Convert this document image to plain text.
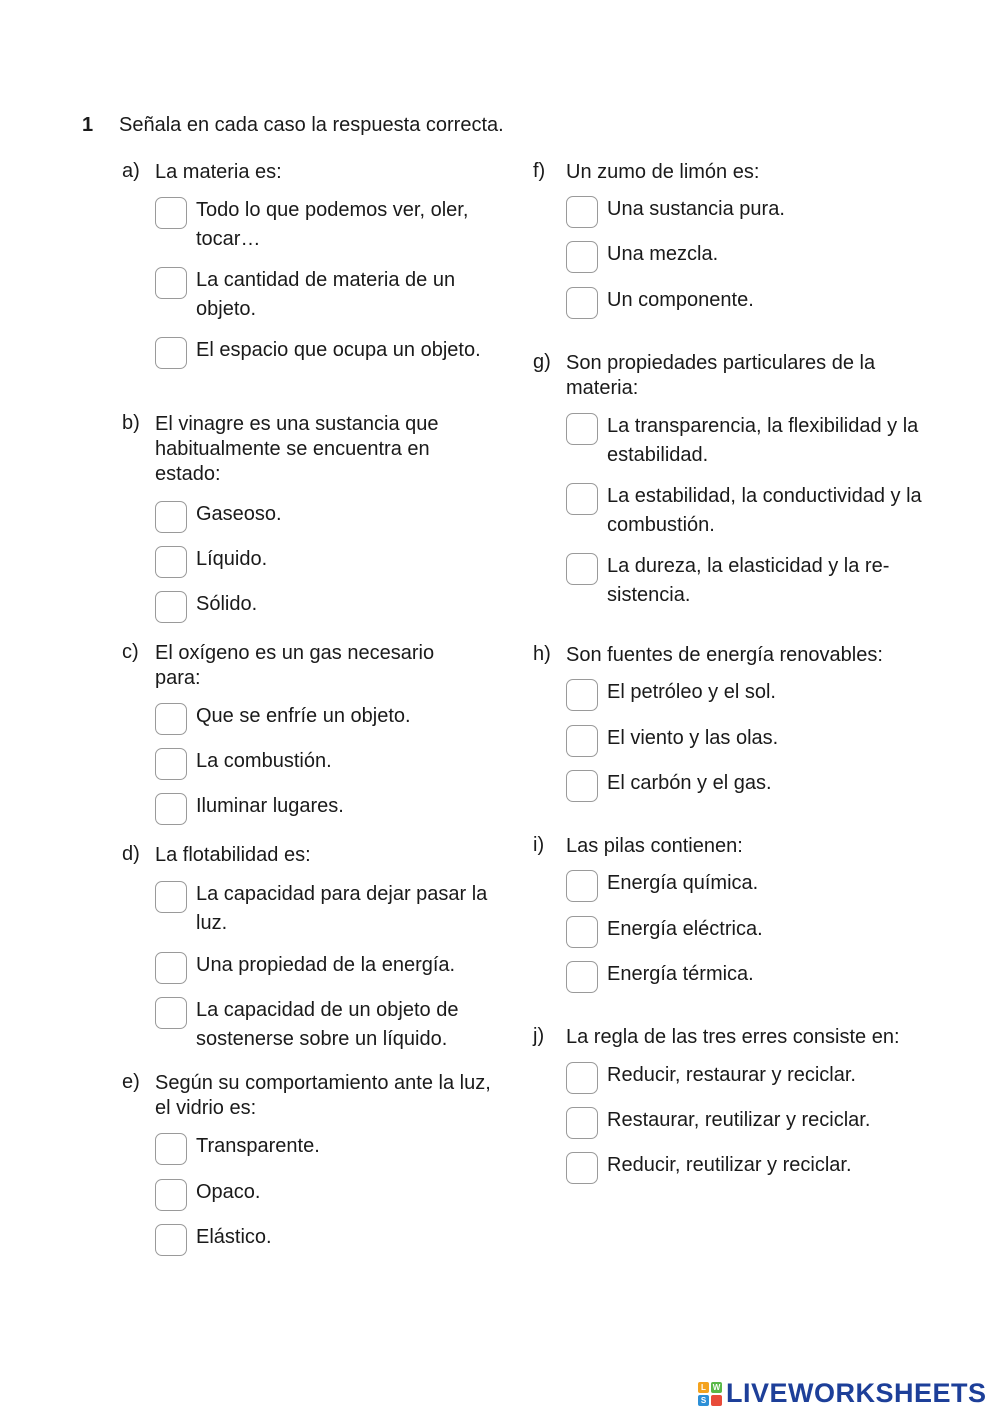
1 Señala en cada caso la respuesta correcta.
a) La materia es:
Todo lo que podemos ver, oler, tocar…
La cantidad de materia de un objeto.
El espacio que ocupa un objeto.
b) El vinagre es una sustancia que habitualmente se encuentra en estado:
Gaseoso.
Líquido.
Sólido.
c) El oxígeno es un gas necesario para:
Que se enfríe un objeto.
La combustión.
Iluminar lugares.
d) La flotabilidad es:
La capacidad para dejar pasar la luz.
Una propiedad de la energía.
La capacidad de un objeto de sostenerse sobre un líquido.
e) Según su comportamiento ante la luz, el vidrio es:
Transparente.
Opaco.
Elástico.
f)	Un zumo de limón es:
Una sustancia pura.
Una mezcla.
Un componente.
g) Son propiedades particulares de la materia:
La transparencia, la flexibilidad y la estabilidad.
La estabilidad, la conductividad y la combustión.
La dureza, la elasticidad y la re-sistencia.
h) Son fuentes de energía renovables:
El petróleo y el sol.
El viento y las olas.
El carbón y el gas.
i)	Las pilas contienen:
Energía química.
Energía eléctrica.
Energía térmica.
j)	La regla de las tres erres consiste en:
Reducir, restaurar y reciclar.
Restaurar, reutilizar y reciclar.
Reducir, reutilizar y reciclar.
L W
S LIVEWORKSHEETS
